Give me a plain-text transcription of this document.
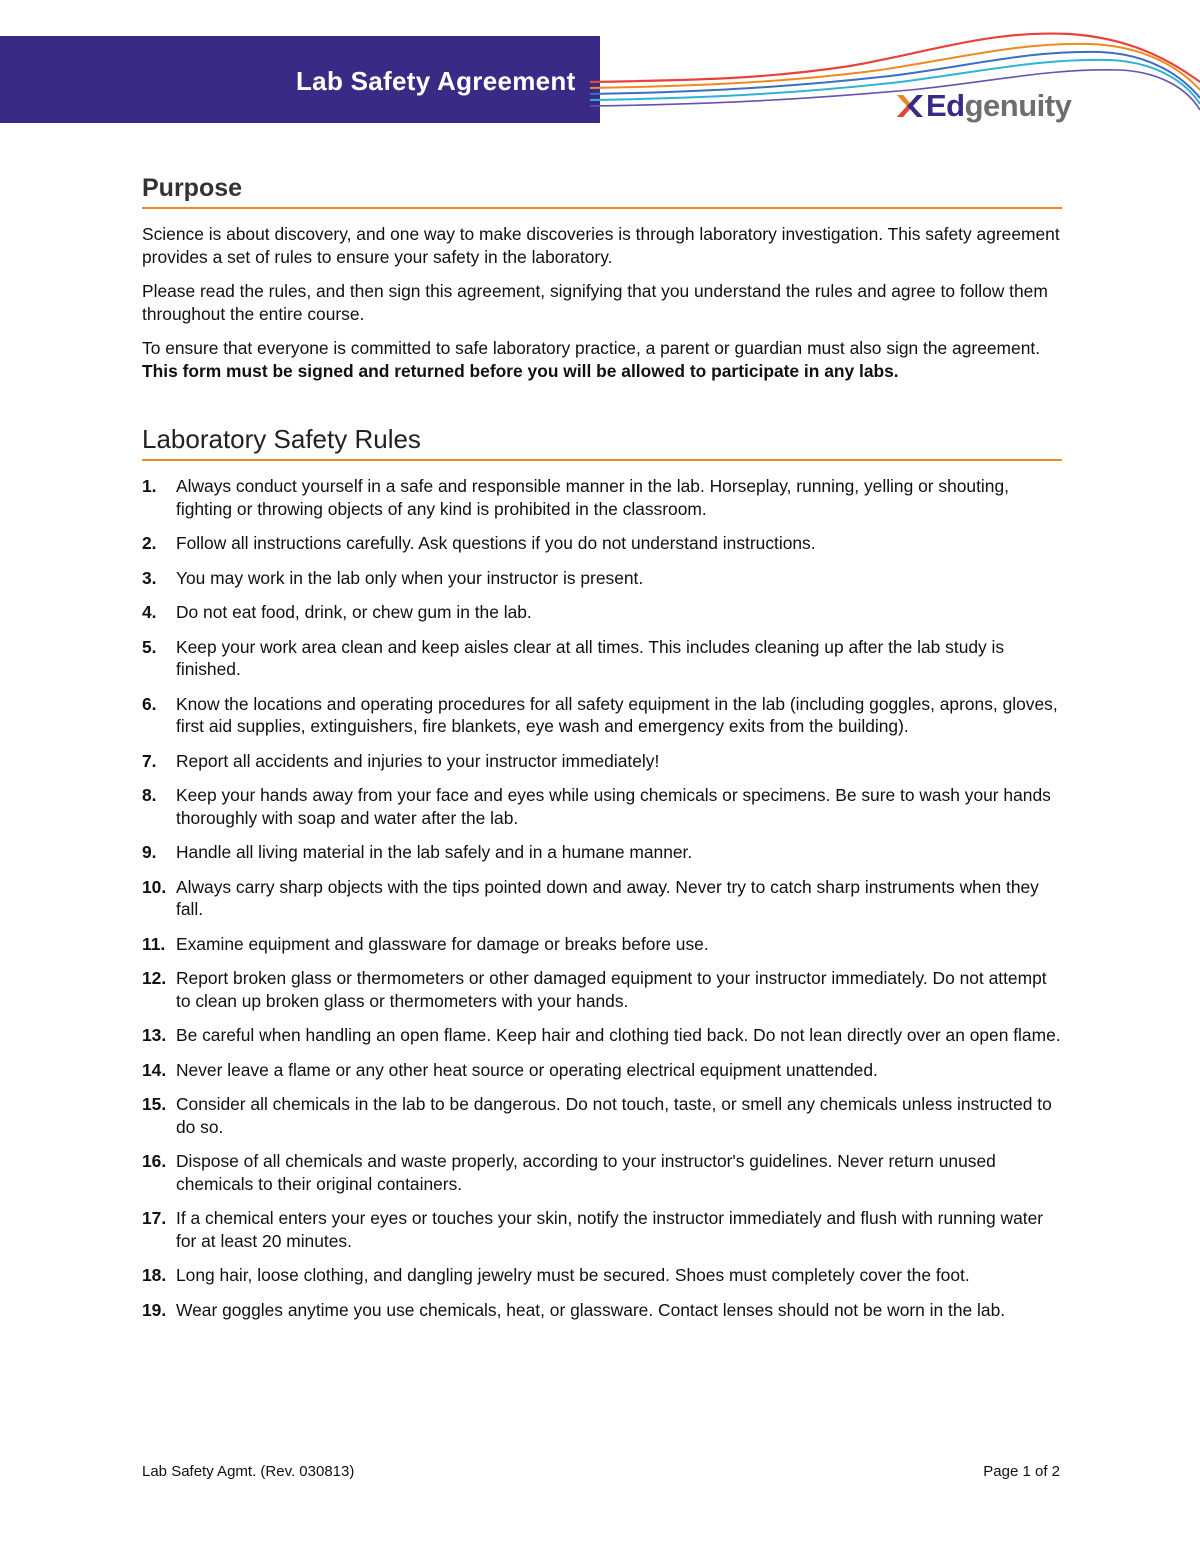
Lab Safety Agreement
Edgenuity
Purpose

Science is about discovery, and one way to make discoveries is through laboratory investigation. This safety agreement provides a set of rules to ensure your safety in the laboratory.

Please read the rules, and then sign this agreement, signifying that you understand the rules and agree to follow them throughout the entire course.

To ensure that everyone is committed to safe laboratory practice, a parent or guardian must also sign the agreement. This form must be signed and returned before you will be allowed to participate in any labs.

Laboratory Safety Rules
1.	Always conduct yourself in a safe and responsible manner in the lab. Horseplay, running, yelling or shouting, fighting or throwing objects of any kind is prohibited in the classroom.
2.	Follow all instructions carefully. Ask questions if you do not understand instructions.
3.	You may work in the lab only when your instructor is present.
4.	Do not eat food, drink, or chew gum in the lab.
5.	Keep your work area clean and keep aisles clear at all times. This includes cleaning up after the lab study is finished.
6.	Know the locations and operating procedures for all safety equipment in the lab (including goggles, aprons, gloves, first aid supplies, extinguishers, fire blankets, eye wash and emergency exits from the building).
7.	Report all accidents and injuries to your instructor immediately!
8.	Keep your hands away from your face and eyes while using chemicals or specimens. Be sure to wash your hands thoroughly with soap and water after the lab.
9.	Handle all living material in the lab safely and in a humane manner.
10. Always carry sharp objects with the tips pointed down and away. Never try to catch sharp instruments when they fall.
11. Examine equipment and glassware for damage or breaks before use.
12. Report broken glass or thermometers or other damaged equipment to your instructor immediately. Do not attempt to clean up broken glass or thermometers with your hands.
13. Be careful when handling an open flame. Keep hair and clothing tied back. Do not lean directly over an open flame.
14. Never leave a flame or any other heat source or operating electrical equipment unattended.
15. Consider all chemicals in the lab to be dangerous. Do not touch, taste, or smell any chemicals unless instructed to do so.
16. Dispose of all chemicals and waste properly, according to your instructor's guidelines. Never return unused chemicals to their original containers.
17. If a chemical enters your eyes or touches your skin, notify the instructor immediately and flush with running water for at least 20 minutes.
18. Long hair, loose clothing, and dangling jewelry must be secured. Shoes must completely cover the foot.
19. Wear goggles anytime you use chemicals, heat, or glassware. Contact lenses should not be worn in the lab.
Lab Safety Agmt. (Rev. 030813)	Page 1 of 2
